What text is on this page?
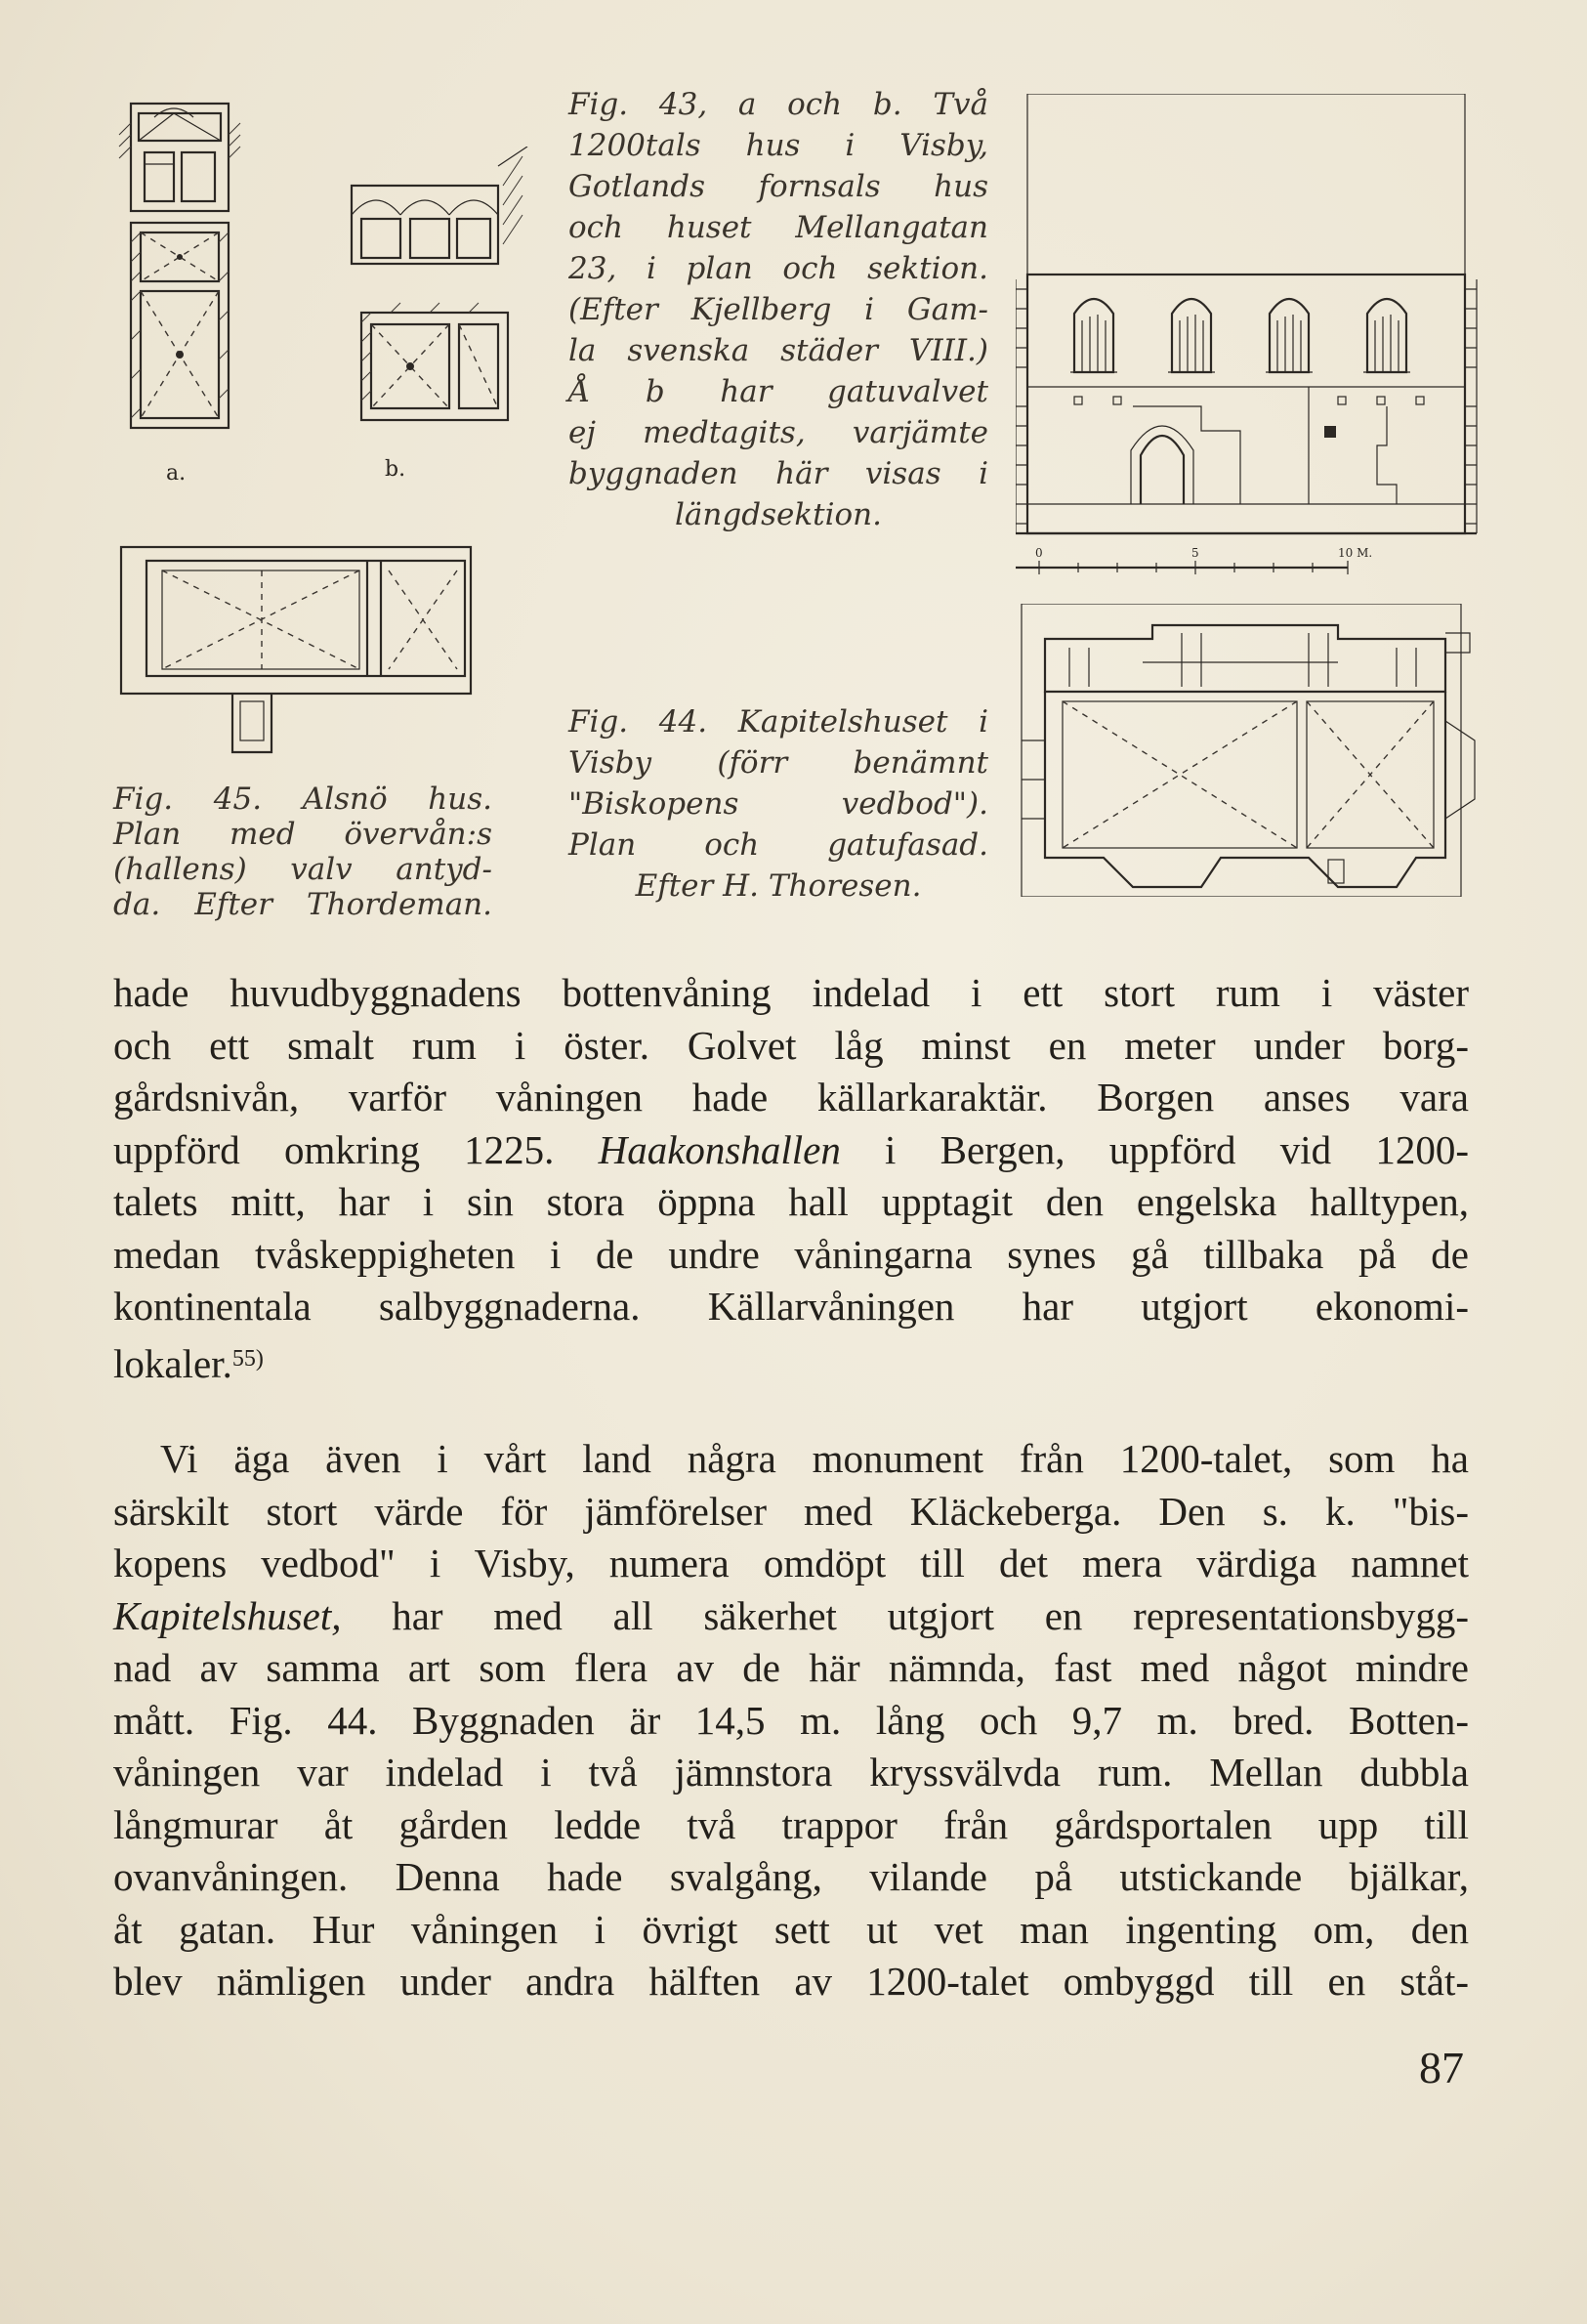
a.	b.
Fig. 43, a och b. Två
1200tals hus i Visby,
Gotlands fornsals hus
och huset Mellangatan
23, i plan och sektion.
(Efter Kjellberg i Gam-
la svenska städer VIII.)
Å b har gatuvalvet
ej medtagits, varjämte
byggnaden här visas i
längdsektion.
0	5	10 M.
Fig. 44. Kapitelshuset i
Visby (förr benämnt
"Biskopens vedbod").
Plan och gatufasad.
Efter H. Thoresen.
Fig. 45. Alsnö hus.
Plan med övervån:s
(hallens) valv antyd-
da. Efter Thordeman.
hade huvudbyggnadens bottenvåning indelad i ett stort rum i väster
och ett smalt rum i öster. Golvet låg minst en meter under borg-
gårdsnivån, varför våningen hade källarkaraktär. Borgen anses vara
uppförd omkring 1225. Haakonshallen i Bergen, uppförd vid 1200-
talets mitt, har i sin stora öppna hall upptagit den engelska halltypen,
medan tvåskeppigheten i de undre våningarna synes gå tillbaka på de
kontinentala salbyggnaderna. Källarvåningen har utgjort ekonomi-
lokaler.$^{55)}$
Vi äga även i vårt land några monument från 1200-talet, som ha
särskilt stort värde för jämförelser med Kläckeberga. Den s. k. "bis-
kopens vedbod" i Visby, numera omdöpt till det mera värdiga namnet
Kapitelshuset, har med all säkerhet utgjort en representationsbygg-
nad av samma art som flera av de här nämnda, fast med något mindre
mått. Fig. 44. Byggnaden är 14,5 m. lång och 9,7 m. bred. Botten-
våningen var indelad i två jämnstora kryssvälvda rum. Mellan dubbla
långmurar åt gården ledde två trappor från gårdsportalen upp till
ovanvåningen. Denna hade svalgång, vilande på utstickande bjälkar,
åt gatan. Hur våningen i övrigt sett ut vet man ingenting om, den
blev nämligen under andra hälften av 1200-talet ombyggd till en ståt-
87
